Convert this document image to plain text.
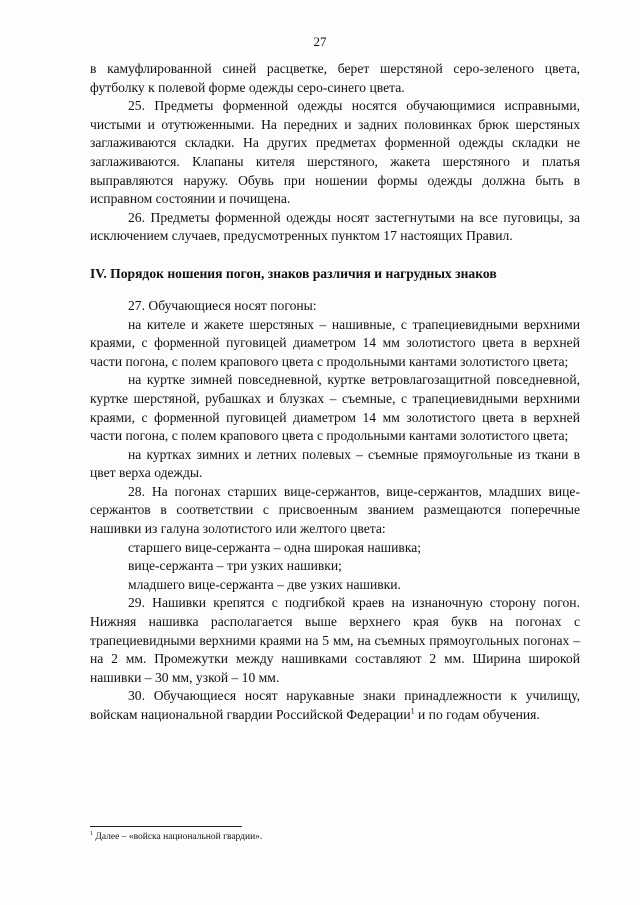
27

в камуфлированной синей расцветке, берет шерстяной серо-зеленого цвета, футболку к полевой форме одежды серо-синего цвета.

25. Предметы форменной одежды носятся обучающимися исправными, чистыми и отутюженными. На передних и задних половинках брюк шерстяных заглаживаются складки. На других предметах форменной одежды складки не заглаживаются. Клапаны кителя шерстяного, жакета шерстяного и платья выправляются наружу. Обувь при ношении формы одежды должна быть в исправном состоянии и почищена.

26. Предметы форменной одежды носят застегнутыми на все пуговицы, за исключением случаев, предусмотренных пунктом 17 настоящих Правил.

IV. Порядок ношения погон, знаков различия и нагрудных знаков

27. Обучающиеся носят погоны:

на кителе и жакете шерстяных – нашивные, с трапециевидными верхними краями, с форменной пуговицей диаметром 14 мм золотистого цвета в верхней части погона, с полем крапового цвета с продольными кантами золотистого цвета;

на куртке зимней повседневной, куртке ветровлагозащитной повседневной, куртке шерстяной, рубашках и блузках – съемные, с трапециевидными верхними краями, с форменной пуговицей диаметром 14 мм золотистого цвета в верхней части погона, с полем крапового цвета с продольными кантами золотистого цвета;

на куртках зимних и летних полевых – съемные прямоугольные из ткани в цвет верха одежды.

28. На погонах старших вице-сержантов, вице-сержантов, младших вице-сержантов в соответствии с присвоенным званием размещаются поперечные нашивки из галуна золотистого или желтого цвета:

старшего вице-сержанта – одна широкая нашивка;

вице-сержанта – три узких нашивки;

младшего вице-сержанта – две узких нашивки.

29. Нашивки крепятся с подгибкой краев на изнаночную сторону погон. Нижняя нашивка располагается выше верхнего края букв на погонах с трапециевидными верхними краями на 5 мм, на съемных прямоугольных погонах – на 2 мм. Промежутки между нашивками составляют 2 мм. Ширина широкой нашивки – 30 мм, узкой – 10 мм.

30. Обучающиеся носят нарукавные знаки принадлежности к училищу, войскам национальной гвардии Российской Федерации$^1$ и по годам обучения.

$^1$ Далее – «войска национальной гвардии».
